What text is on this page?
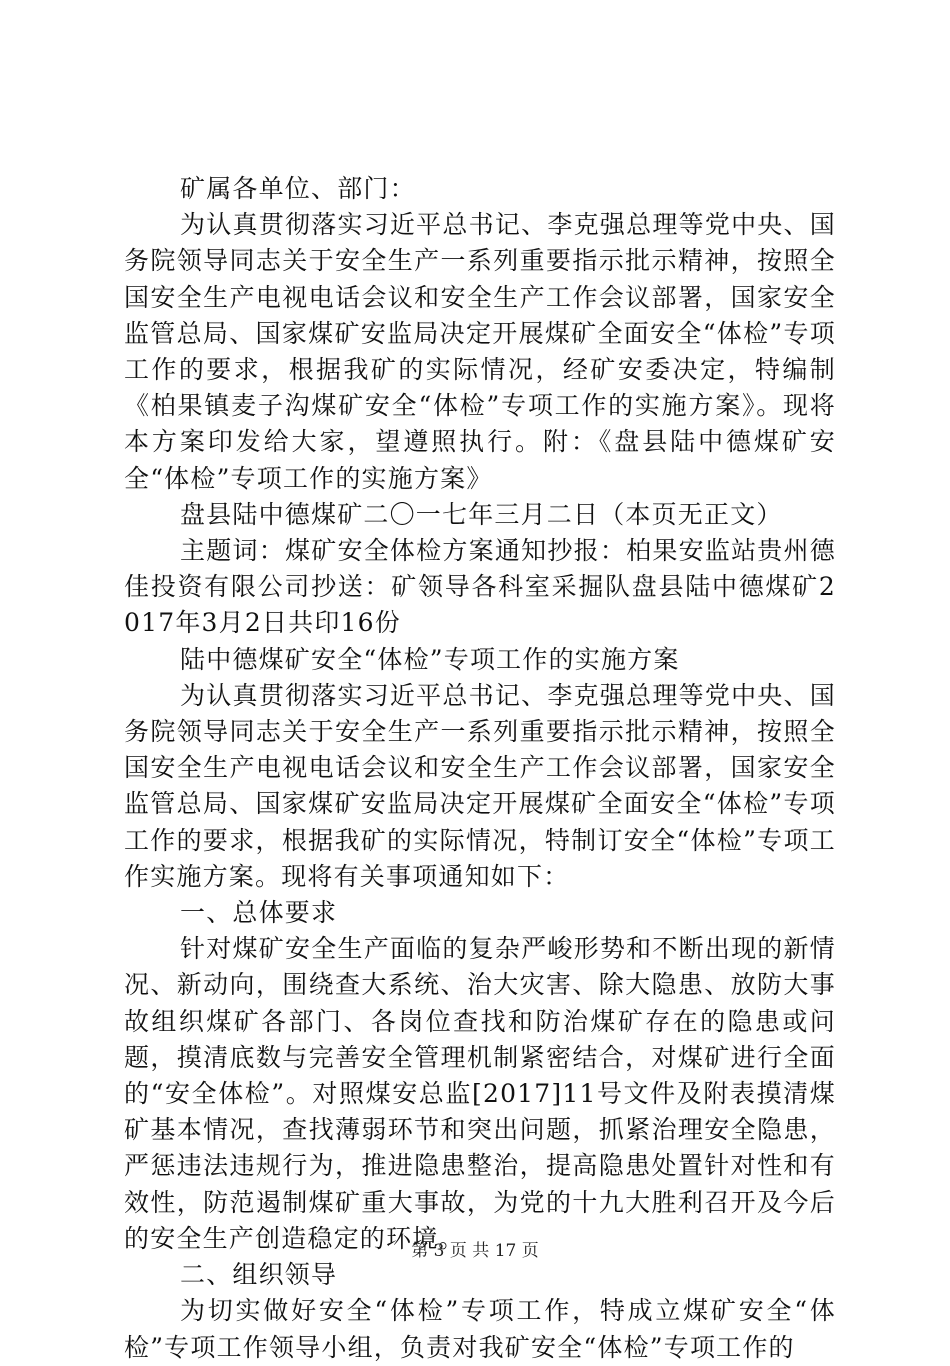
矿属各单位、部门：

为认真贯彻落实习近平总书记、李克强总理等党中央、国务院领导同志关于安全生产一系列重要指示批示精神，按照全国安全生产电视电话会议和安全生产工作会议部署，国家安全监管总局、国家煤矿安监局决定开展煤矿全面安全“体检”专项工作的要求，根据我矿的实际情况，经矿安委决定，特编制《柏果镇麦子沟煤矿安全“体检”专项工作的实施方案》。现将本方案印发给大家，望遵照执行。附：《盘县陆中德煤矿安全“体检”专项工作的实施方案》

盘县陆中德煤矿二〇一七年三月二日（本页无正文）

主题词：煤矿安全体检方案通知抄报：柏果安监站贵州德佳投资有限公司抄送：矿领导各科室采掘队盘县陆中德煤矿2017年3月2日共印16份

陆中德煤矿安全“体检”专项工作的实施方案

为认真贯彻落实习近平总书记、李克强总理等党中央、国务院领导同志关于安全生产一系列重要指示批示精神，按照全国安全生产电视电话会议和安全生产工作会议部署，国家安全监管总局、国家煤矿安监局决定开展煤矿全面安全“体检”专项工作的要求，根据我矿的实际情况，特制订安全“体检”专项工作实施方案。现将有关事项通知如下：

一、总体要求

针对煤矿安全生产面临的复杂严峻形势和不断出现的新情况、新动向，围绕查大系统、治大灾害、除大隐患、放防大事故组织煤矿各部门、各岗位查找和防治煤矿存在的隐患或问题，摸清底数与完善安全管理机制紧密结合，对煤矿进行全面的“安全体检”。对照煤安总监[2017]11号文件及附表摸清煤矿基本情况，查找薄弱环节和突出问题，抓紧治理安全隐患，严惩违法违规行为，推进隐患整治，提高隐患处置针对性和有效性，防范遏制煤矿重大事故，为党的十九大胜利召开及今后的安全生产创造稳定的环境。

二、组织领导

为切实做好安全“体检”专项工作，特成立煤矿安全“体检”专项工作领导小组，负责对我矿安全“体检”专项工作的

第 3 页 共 17 页
